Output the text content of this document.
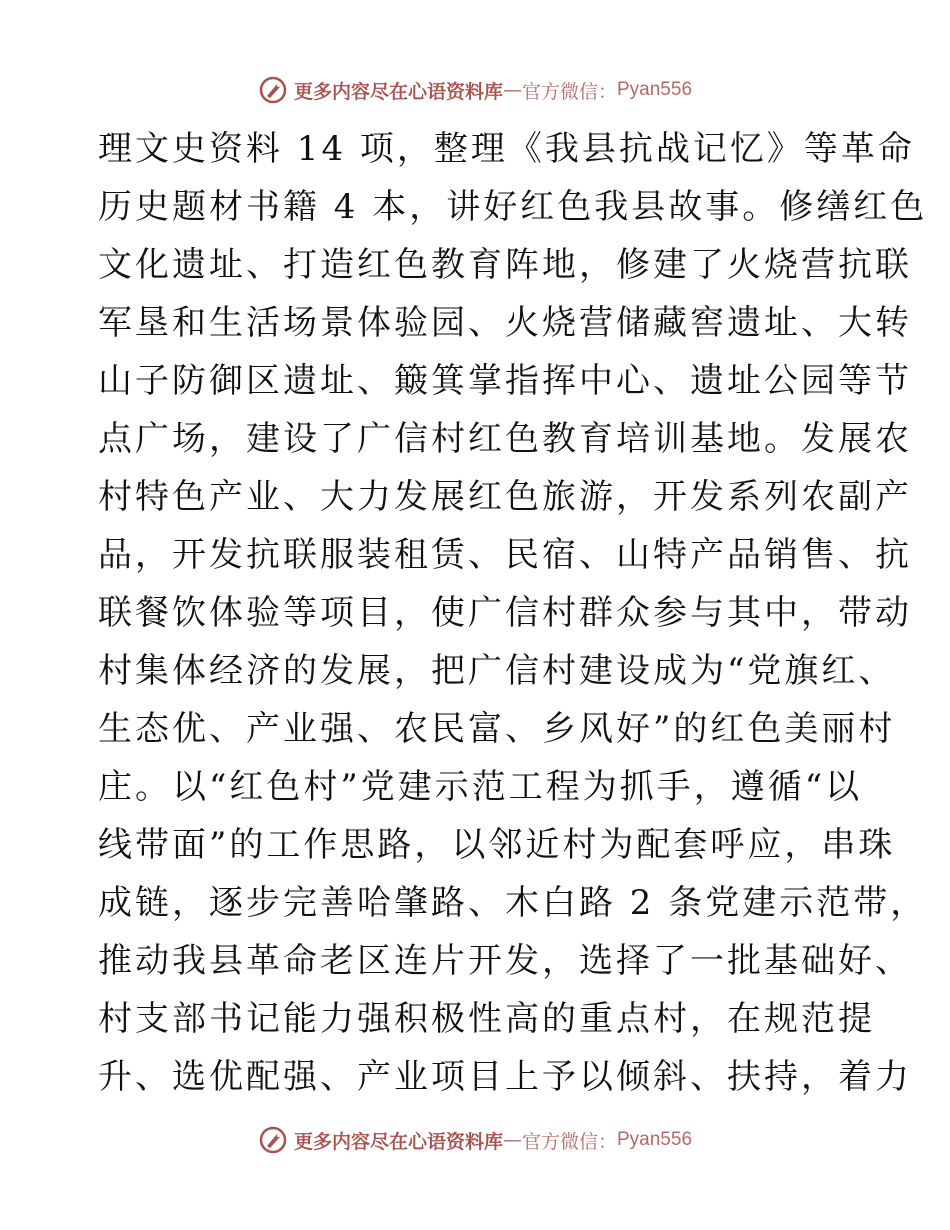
更多内容尽在心语资料库 — 官方微信： Pyan556
理文史资料 14 项，整理《我县抗战记忆》等革命
历史题材书籍 4 本，讲好红色我县故事。修缮红色
文化遗址、打造红色教育阵地，修建了火烧营抗联
军垦和生活场景体验园、火烧营储藏窖遗址、大转
山子防御区遗址、簸箕掌指挥中心、遗址公园等节
点广场，建设了广信村红色教育培训基地。发展农
村特色产业、大力发展红色旅游，开发系列农副产
品，开发抗联服装租赁、民宿、山特产品销售、抗
联餐饮体验等项目，使广信村群众参与其中，带动
村集体经济的发展，把广信村建设成为“党旗红、
生态优、产业强、农民富、乡风好”的红色美丽村
庄。以“红色村”党建示范工程为抓手，遵循“以
线带面”的工作思路，以邻近村为配套呼应，串珠
成链，逐步完善哈肇路、木白路 2 条党建示范带，
推动我县革命老区连片开发，选择了一批基础好、
村支部书记能力强积极性高的重点村，在规范提
升、选优配强、产业项目上予以倾斜、扶持，着力
更多内容尽在心语资料库 — 官方微信： Pyan556
